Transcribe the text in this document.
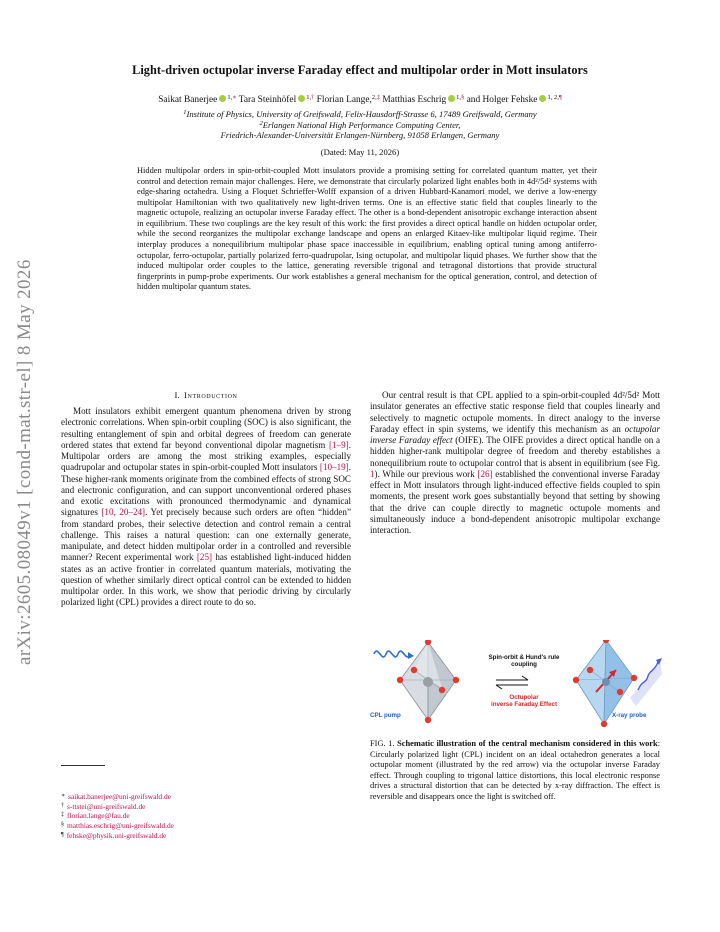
arXiv:2605.08049v1 [cond-mat.str-el] 8 May 2026
Light-driven octupolar inverse Faraday effect and multipolar order in Mott insulators
Saikat Banerjee $^{1,∗}$ Tara Steinhöfel $^{1,\dagger}$ Florian Lange,$^{2,\ddagger}$ Matthias Eschrig $^{1,\S}$ and Holger Fehske $^{1, 2,\P}$
$^1$Institute of Physics, University of Greifswald, Felix-Hausdorff-Strasse 6, 17489 Greifswald, Germany
$^2$Erlangen National High Performance Computing Center,
Friedrich-Alexander-Universität Erlangen-Nürnberg, 91058 Erlangen, Germany
(Dated: May 11, 2026)
Hidden multipolar orders in spin-orbit-coupled Mott insulators provide a promising setting for correlated quantum matter, yet their control and detection remain major challenges. Here, we demonstrate that circularly polarized light enables both in 4d²/5d² systems with edge-sharing octahedra. Using a Floquet Schrieffer-Wolff expansion of a driven Hubbard-Kanamori model, we derive a low-energy multipolar Hamiltonian with two qualitatively new light-driven terms. One is an effective static field that couples linearly to the magnetic octupole, realizing an octupolar inverse Faraday effect. The other is a bond-dependent anisotropic exchange interaction absent in equilibrium. These two couplings are the key result of this work: the first provides a direct optical handle on hidden octupolar order, while the second reorganizes the multipolar exchange landscape and opens an enlarged Kitaev-like multipolar liquid regime. Their interplay produces a nonequilibrium multipolar phase space inaccessible in equilibrium, enabling optical tuning among antiferro-octupolar, ferro-octupolar, partially polarized ferro-quadrupolar, Ising octupolar, and multipolar liquid phases. We further show that the induced multipolar order couples to the lattice, generating reversible trigonal and tetragonal distortions that provide structural fingerprints in pump-probe experiments. Our work establishes a general mechanism for the optical generation, control, and detection of hidden multipolar quantum states.
I. Introduction
Mott insulators exhibit emergent quantum phenomena driven by strong electronic correlations. When spin-orbit coupling (SOC) is also significant, the resulting entanglement of spin and orbital degrees of freedom can generate ordered states that extend far beyond conventional dipolar magnetism [1–9]. Multipolar orders are among the most striking examples, especially quadrupolar and octupolar states in spin-orbit-coupled Mott insulators [10–19]. These higher-rank moments originate from the combined effects of strong SOC and electronic configuration, and can support unconventional ordered phases and exotic excitations with pronounced thermodynamic and dynamical signatures [10, 20–24]. Yet precisely because such orders are often “hidden” from standard probes, their selective detection and control remain a central challenge. This raises a natural question: can one externally generate, manipulate, and detect hidden multipolar order in a controlled and reversible manner? Recent experimental work [25] has established light-induced hidden states as an active frontier in correlated quantum materials, motivating the question of whether similarly direct optical control can be extended to hidden multipolar order. In this work, we show that periodic driving by circularly polarized light (CPL) provides a direct route to do so.
Our central result is that CPL applied to a spin-orbit-coupled 4d²/5d² Mott insulator generates an effective static response field that couples linearly and selectively to magnetic octupole moments. In direct analogy to the inverse Faraday effect in spin systems, we identify this mechanism as an octupolar inverse Faraday effect (OIFE). The OIFE provides a direct optical handle on a hidden higher-rank multipolar degree of freedom and thereby establishes a nonequilibrium route to octupolar control that is absent in equilibrium (see Fig. 1). While our previous work [26] established the conventional inverse Faraday effect in Mott insulators through light-induced effective fields coupled to spin moments, the present work goes substantially beyond that setting by showing that the drive can couple directly to magnetic octupole moments and simultaneously induce a bond-dependent anisotropic multipolar exchange interaction.
∗ saikat.banerjee@uni-greifswald.de
† s-ttstei@uni-greifswald.de
‡ florian.lange@fau.de
§ matthias.eschrig@uni-greifswald.de
¶ fehske@physik.uni-greifswald.de
Spin-orbit & Hund's rule
coupling
Octupolar
inverse Faraday Effect
CPL pump	X-ray probe
FIG. 1. Schematic illustration of the central mechanism considered in this work: Circularly polarized light (CPL) incident on an ideal octahedron generates a local octupolar moment (illustrated by the red arrow) via the octupolar inverse Faraday effect. Through coupling to trigonal lattice distortions, this local electronic response drives a structural distortion that can be detected by x-ray diffraction. The effect is reversible and disappears once the light is switched off.
